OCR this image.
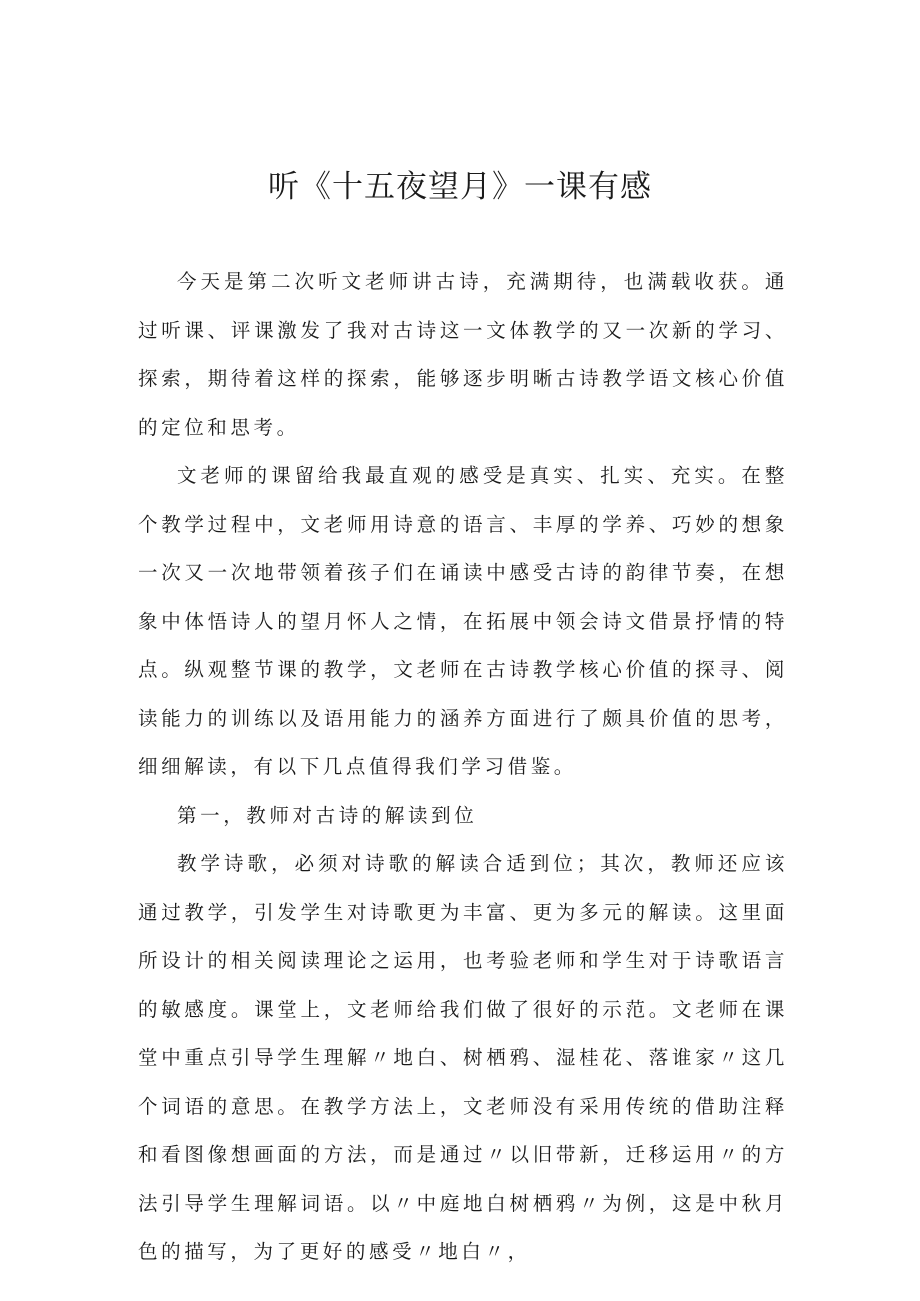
听《十五夜望月》一课有感

今天是第二次听文老师讲古诗，充满期待，也满载收获。通过听课、评课激发了我对古诗这一文体教学的又一次新的学习、探索，期待着这样的探索，能够逐步明晰古诗教学语文核心价值的定位和思考。

文老师的课留给我最直观的感受是真实、扎实、充实。在整个教学过程中，文老师用诗意的语言、丰厚的学养、巧妙的想象一次又一次地带领着孩子们在诵读中感受古诗的韵律节奏，在想象中体悟诗人的望月怀人之情，在拓展中领会诗文借景抒情的特点。纵观整节课的教学，文老师在古诗教学核心价值的探寻、阅读能力的训练以及语用能力的涵养方面进行了颇具价值的思考，细细解读，有以下几点值得我们学习借鉴。

第一，教师对古诗的解读到位

教学诗歌，必须对诗歌的解读合适到位；其次，教师还应该通过教学，引发学生对诗歌更为丰富、更为多元的解读。这里面所设计的相关阅读理论之运用，也考验老师和学生对于诗歌语言的敏感度。课堂上，文老师给我们做了很好的示范。文老师在课堂中重点引导学生理解〃地白、树栖鸦、湿桂花、落谁家〃这几个词语的意思。在教学方法上，文老师没有采用传统的借助注释和看图像想画面的方法，而是通过〃以旧带新，迁移运用〃的方法引导学生理解词语。以〃中庭地白树栖鸦〃为例，这是中秋月色的描写，为了更好的感受〃地白〃，
